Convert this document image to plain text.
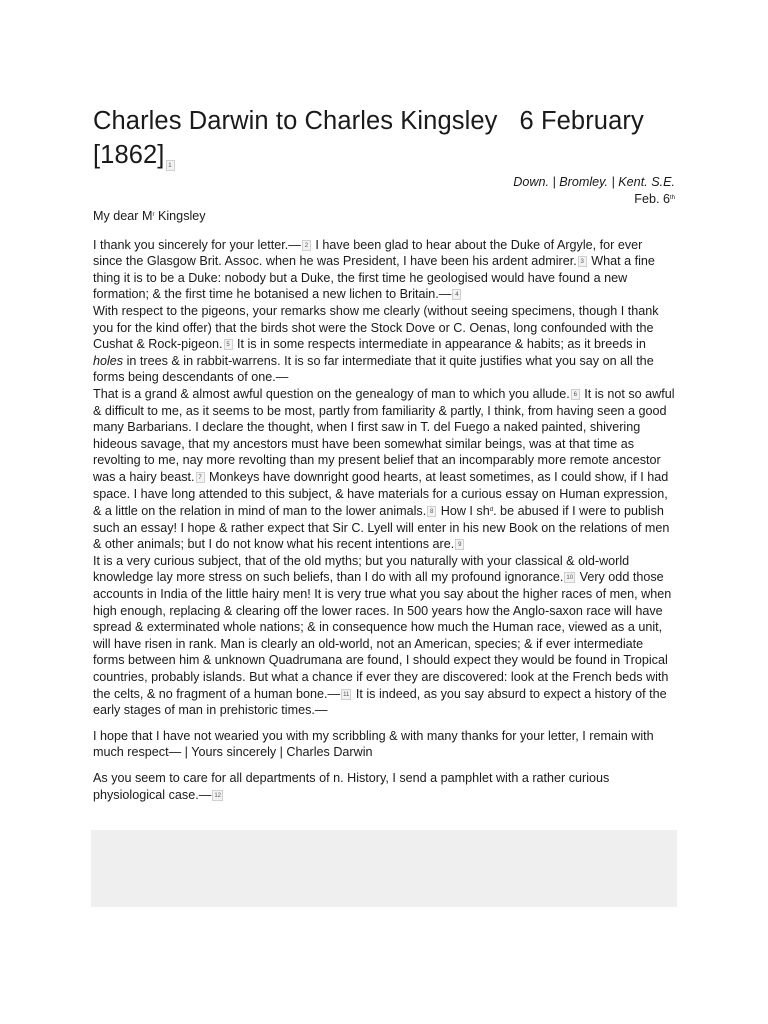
Charles Darwin to Charles Kingsley 6 February [1862] 1
Down. | Bromley. | Kent. S.E.
Feb. 6th

My dear $M^r$ Kingsley

I thank you sincerely for your letter.— 2 I have been glad to hear about the Duke of Argyle, for ever since the Glasgow Brit. Assoc. when he was President, I have been his ardent admirer. 3 What a fine thing it is to be a Duke: nobody but a Duke, the first time he geologised would have found a new formation; & the first time he botanised a new lichen to Britain.— 4

With respect to the pigeons, your remarks show me clearly (without seeing specimens, though I thank you for the kind offer) that the birds shot were the Stock Dove or C. Oenas, long confounded with the Cushat & Rock-pigeon. 5 It is in some respects intermediate in appearance & habits; as it breeds in holes in trees & in rabbit-warrens. It is so far intermediate that it quite justifies what you say on all the forms being descendants of one.—

That is a grand & almost awful question on the genealogy of man to which you allude. 6 It is not so awful & difficult to me, as it seems to be most, partly from familiarity & partly, I think, from having seen a good many Barbarians. I declare the thought, when I first saw in T. del Fuego a naked painted, shivering hideous savage, that my ancestors must have been somewhat similar beings, was at that time as revolting to me, nay more revolting than my present belief that an incomparably more remote ancestor was a hairy beast. 7 Monkeys have downright good hearts, at least sometimes, as I could show, if I had space. I have long attended to this subject, & have materials for a curious essay on Human expression, & a little on the relation in mind of man to the lower animals. 8 How I $sh^d$. be abused if I were to publish such an essay! I hope & rather expect that Sir C. Lyell will enter in his new Book on the relations of men & other animals; but I do not know what his recent intentions are. 9

It is a very curious subject, that of the old myths; but you naturally with your classical & old-world knowledge lay more stress on such beliefs, than I do with all my profound ignorance. 10 Very odd those accounts in India of the little hairy men! It is very true what you say about the higher races of men, when high enough, replacing & clearing off the lower races. In 500 years how the Anglo-saxon race will have spread & exterminated whole nations; & in consequence how much the Human race, viewed as a unit, will have risen in rank. Man is clearly an old-world, not an American, species; & if ever intermediate forms between him & unknown Quadrumana are found, I should expect they would be found in Tropical countries, probably islands. But what a chance if ever they are discovered: look at the French beds with the celts, & no fragment of a human bone.— 11 It is indeed, as you say absurd to expect a history of the early stages of man in prehistoric times.—

I hope that I have not wearied you with my scribbling & with many thanks for your letter, I remain with much respect— | Yours sincerely | Charles Darwin

As you seem to care for all departments of n. History, I send a pamphlet with a rather curious physiological case.— 12
